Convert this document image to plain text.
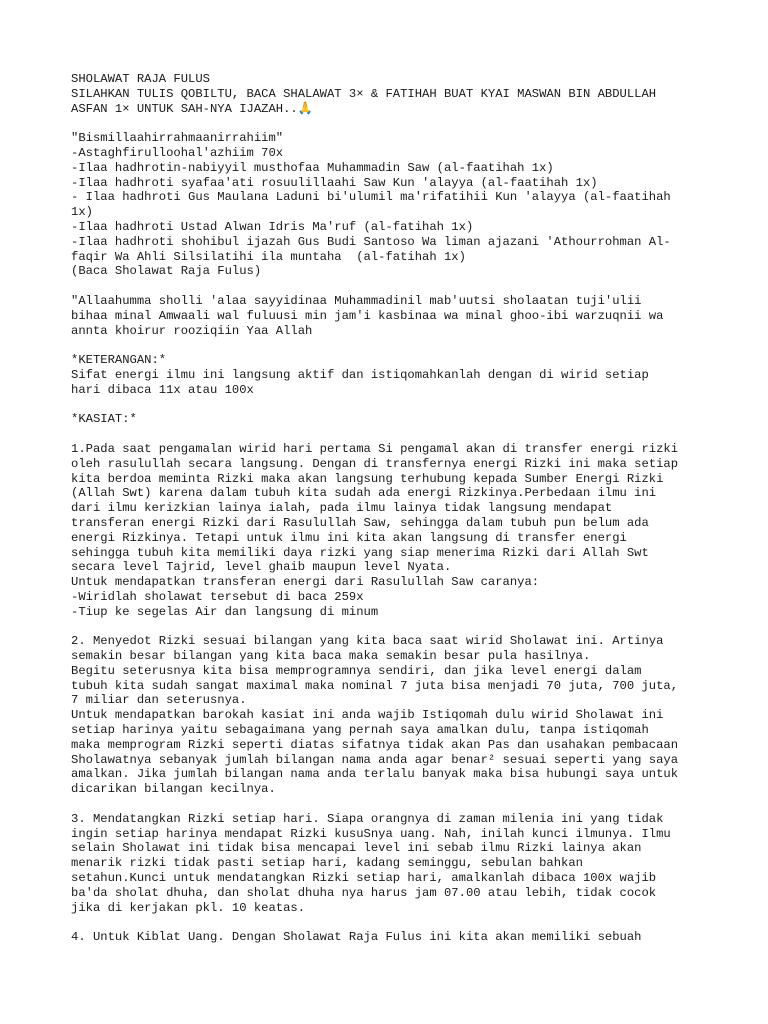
SHOLAWAT RAJA FULUS
SILAHKAN TULIS QOBILTU, BACA SHALAWAT 3× & FATIHAH BUAT KYAI MASWAN BIN ABDULLAH
ASFAN 1× UNTUK SAH-NYA IJAZAH..🙏
"Bismillaahirrahmaanirrahiim"
-Astaghfirulloohal'azhiim 70x
-Ilaa hadhrotin-nabiyyil musthofaa Muhammadin Saw (al-faatihah 1x)
-Ilaa hadhroti syafaa'ati rosuulillaahi Saw Kun 'alayya (al-faatihah 1x)
- Ilaa hadhroti Gus Maulana Laduni bi'ulumil ma'rifatihii Kun 'alayya (al-faatihah
1x)
-Ilaa hadhroti Ustad Alwan Idris Ma'ruf (al-fatihah 1x)
-Ilaa hadhroti shohibul ijazah Gus Budi Santoso Wa liman ajazani 'Athourrohman Al-
faqir Wa Ahli Silsilatihi ila muntaha  (al-fatihah 1x)
(Baca Sholawat Raja Fulus)
"Allaahumma sholli 'alaa sayyidinaa Muhammadinil mab'uutsi sholaatan tuji'ulii
bihaa minal Amwaali wal fuluusi min jam'i kasbinaa wa minal ghoo-ibi warzuqnii wa
annta khoirur rooziqiin Yaa Allah
*KETERANGAN:*
Sifat energi ilmu ini langsung aktif dan istiqomahkanlah dengan di wirid setiap
hari dibaca 11x atau 100x
*KASIAT:*
1.Pada saat pengamalan wirid hari pertama Si pengamal akan di transfer energi rizki
oleh rasulullah secara langsung. Dengan di transfernya energi Rizki ini maka setiap
kita berdoa meminta Rizki maka akan langsung terhubung kepada Sumber Energi Rizki
(Allah Swt) karena dalam tubuh kita sudah ada energi Rizkinya.Perbedaan ilmu ini
dari ilmu kerizkian lainya ialah, pada ilmu lainya tidak langsung mendapat
transferan energi Rizki dari Rasulullah Saw, sehingga dalam tubuh pun belum ada
energi Rizkinya. Tetapi untuk ilmu ini kita akan langsung di transfer energi
sehingga tubuh kita memiliki daya rizki yang siap menerima Rizki dari Allah Swt
secara level Tajrid, level ghaib maupun level Nyata.
Untuk mendapatkan transferan energi dari Rasulullah Saw caranya:
-Wiridlah sholawat tersebut di baca 259x
-Tiup ke segelas Air dan langsung di minum
2. Menyedot Rizki sesuai bilangan yang kita baca saat wirid Sholawat ini. Artinya
semakin besar bilangan yang kita baca maka semakin besar pula hasilnya.
Begitu seterusnya kita bisa memprogramnya sendiri, dan jika level energi dalam
tubuh kita sudah sangat maximal maka nominal 7 juta bisa menjadi 70 juta, 700 juta,
7 miliar dan seterusnya.
Untuk mendapatkan barokah kasiat ini anda wajib Istiqomah dulu wirid Sholawat ini
setiap harinya yaitu sebagaimana yang pernah saya amalkan dulu, tanpa istiqomah
maka memprogram Rizki seperti diatas sifatnya tidak akan Pas dan usahakan pembacaan
Sholawatnya sebanyak jumlah bilangan nama anda agar benar² sesuai seperti yang saya
amalkan. Jika jumlah bilangan nama anda terlalu banyak maka bisa hubungi saya untuk
dicarikan bilangan kecilnya.
3. Mendatangkan Rizki setiap hari. Siapa orangnya di zaman milenia ini yang tidak
ingin setiap harinya mendapat Rizki kusuSnya uang. Nah, inilah kunci ilmunya. Ilmu
selain Sholawat ini tidak bisa mencapai level ini sebab ilmu Rizki lainya akan
menarik rizki tidak pasti setiap hari, kadang seminggu, sebulan bahkan
setahun.Kunci untuk mendatangkan Rizki setiap hari, amalkanlah dibaca 100x wajib
ba'da sholat dhuha, dan sholat dhuha nya harus jam 07.00 atau lebih, tidak cocok
jika di kerjakan pkl. 10 keatas.
4. Untuk Kiblat Uang. Dengan Sholawat Raja Fulus ini kita akan memiliki sebuah
